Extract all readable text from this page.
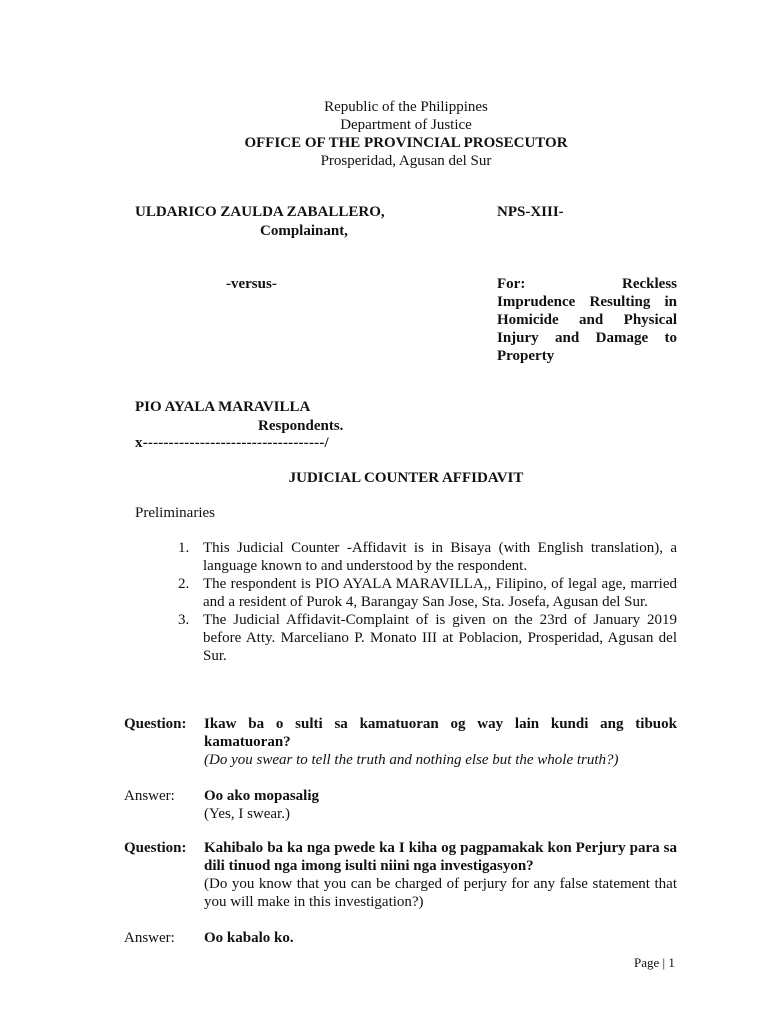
Republic of the Philippines
Department of Justice
OFFICE OF THE PROVINCIAL PROSECUTOR
Prosperidad, Agusan del Sur
ULDARICO ZAULDA ZABALLERO,
Complainant,
NPS-XIII-
-versus-	For:	Reckless
Imprudence Resulting in Homicide and Physical Injury and Damage to Property
PIO AYALA MARAVILLA
Respondents.
x-----------------------------------/
JUDICIAL COUNTER AFFIDAVIT
Preliminaries
1. This Judicial Counter -Affidavit is in Bisaya (with English translation), a language known to and understood by the respondent.
2. The respondent is PIO AYALA MARAVILLA,, Filipino, of legal age, married and a resident of Purok 4, Barangay San Jose, Sta. Josefa, Agusan del Sur.
3. The Judicial Affidavit-Complaint of is given on the 23rd of January 2019 before Atty. Marceliano P. Monato III at Poblacion, Prosperidad, Agusan del Sur.
Question: Ikaw ba o sulti sa kamatuoran og way lain kundi ang tibuok kamatuoran?
(Do you swear to tell the truth and nothing else but the whole truth?)
Answer: Oo ako mopasalig
(Yes, I swear.)
Question: Kahibalo ba ka nga pwede ka I kiha og pagpamakak kon Perjury para sa dili tinuod nga imong isulti niini nga investigasyon?
(Do you know that you can be charged of perjury for any false statement that you will make in this investigation?)
Answer: Oo kabalo ko.
Page | 1
